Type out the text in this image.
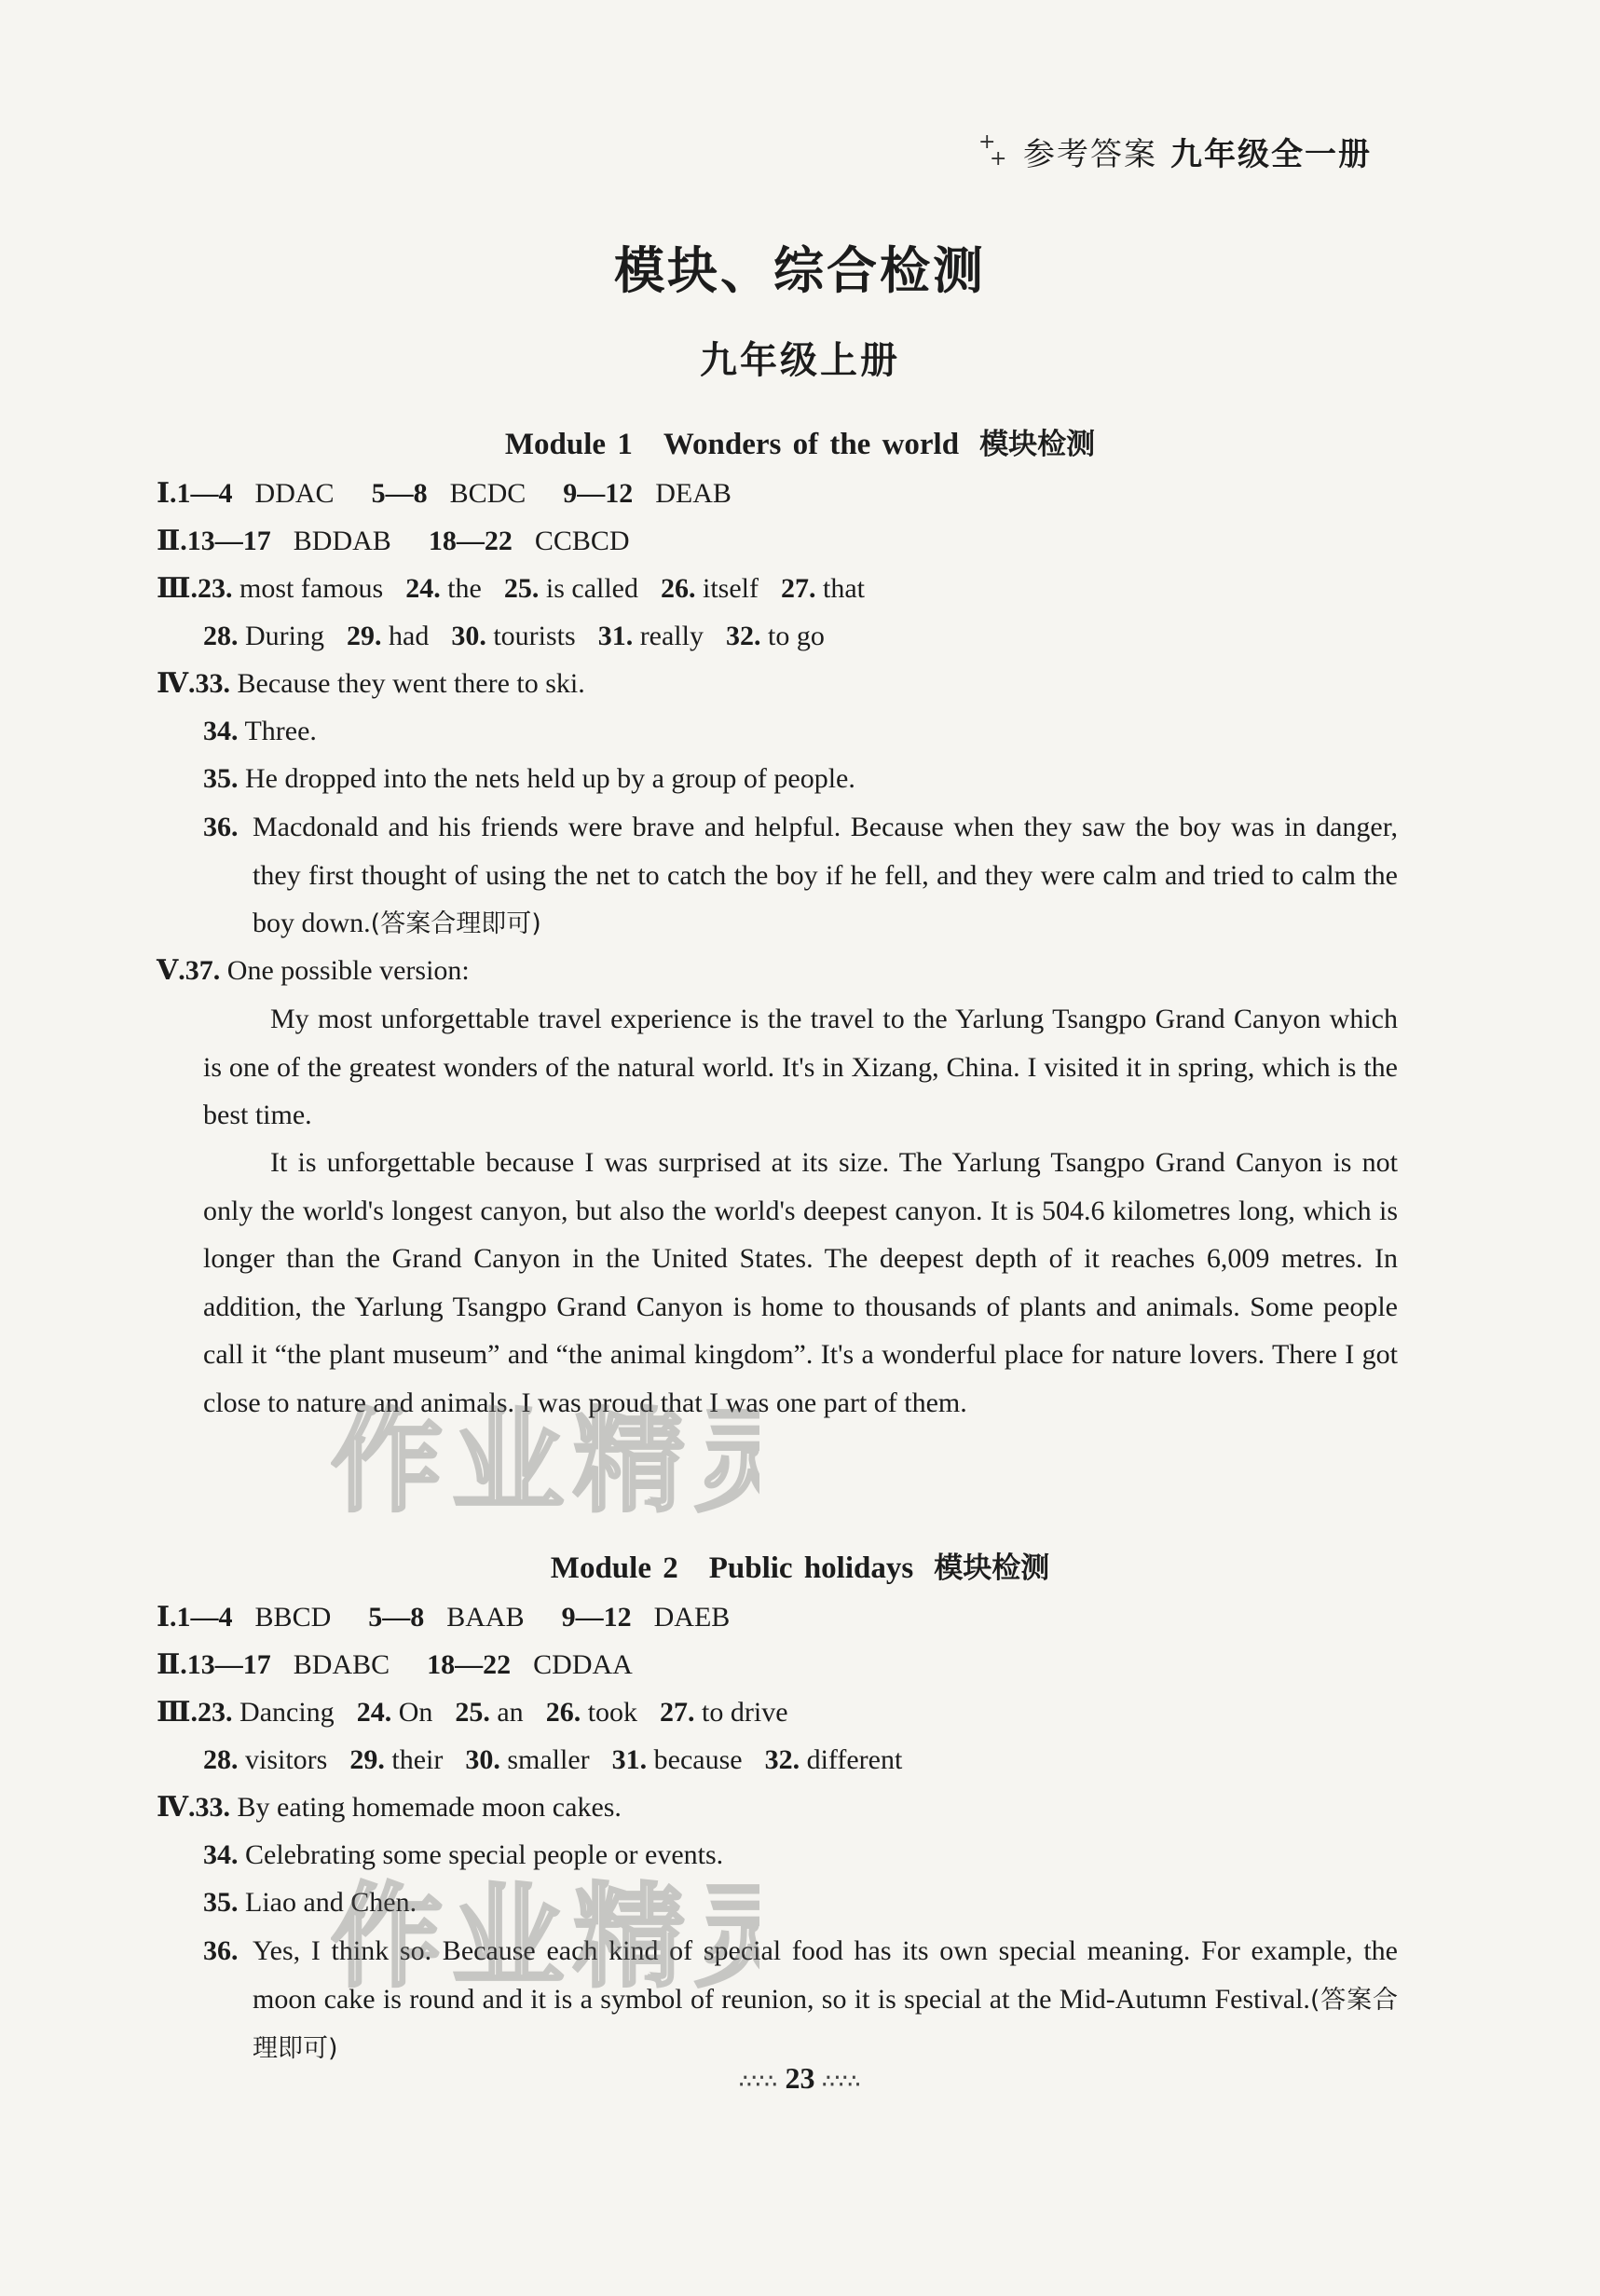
+
+ 参考答案 九年级全一册
模块、综合检测
九年级上册
Module 1　Wonders of the world 模块检测
Ⅰ.1—4 DDAC 5—8 BCDC 9—12 DEAB
Ⅱ.13—17 BDDAB 18—22 CCBCD
Ⅲ.23. most famous 24. the 25. is called 26. itself 27. that
28. During 29. had 30. tourists 31. really 32. to go
Ⅳ.33. Because they went there to ski.
34. Three.
35. He dropped into the nets held up by a group of people.
36. Macdonald and his friends were brave and helpful. Because when they saw the boy was in danger, they first thought of using the net to catch the boy if he fell, and they were calm and tried to calm the boy down.(答案合理即可)
Ⅴ.37. One possible version:
My most unforgettable travel experience is the travel to the Yarlung Tsangpo Grand Canyon which is one of the greatest wonders of the natural world. It's in Xizang, China. I visited it in spring, which is the best time.
It is unforgettable because I was surprised at its size. The Yarlung Tsangpo Grand Canyon is not only the world's longest canyon, but also the world's deepest canyon. It is 504.6 kilometres long, which is longer than the Grand Canyon in the United States. The deepest depth of it reaches 6,009 metres. In addition, the Yarlung Tsangpo Grand Canyon is home to thousands of plants and animals. Some people call it “the plant museum” and “the animal kingdom”. It's a wonderful place for nature lovers. There I got close to nature and animals. I was proud that I was one part of them.
Module 2　Public holidays 模块检测
Ⅰ.1—4 BBCD 5—8 BAAB 9—12 DAEB
Ⅱ.13—17 BDABC 18—22 CDDAA
Ⅲ.23. Dancing 24. On 25. an 26. took 27. to drive
28. visitors 29. their 30. smaller 31. because 32. different
Ⅳ.33. By eating homemade moon cakes.
34. Celebrating some special people or events.
35. Liao and Chen.
36. Yes, I think so. Because each kind of special food has its own special meaning. For example, the moon cake is round and it is a symbol of reunion, so it is special at the Mid-Autumn Festival.(答案合理即可)
∴∵∴ 23 ∴∵∴
作业精
作业精
